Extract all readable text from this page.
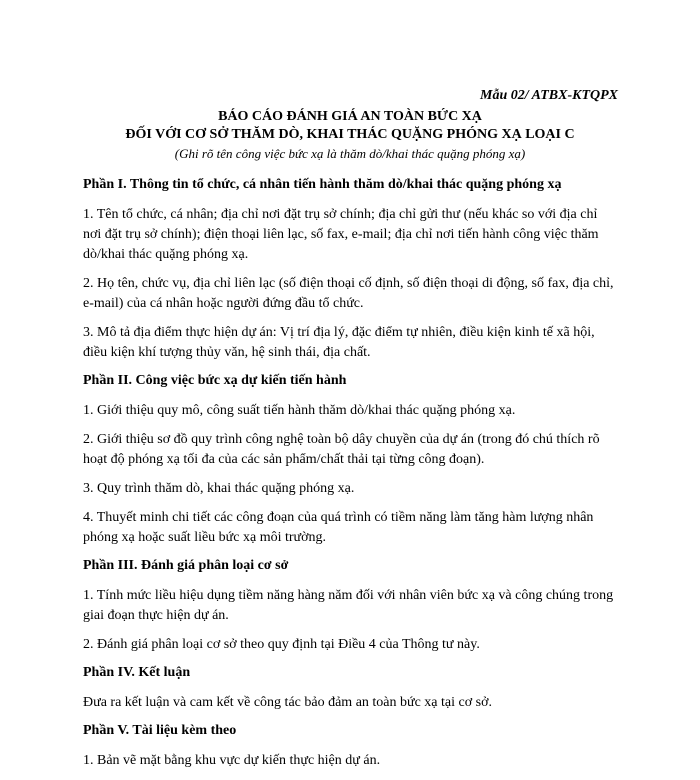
Mẫu 02/ ATBX-KTQPX
BÁO CÁO ĐÁNH GIÁ AN TOÀN BỨC XẠ
ĐỐI VỚI CƠ SỞ THĂM DÒ, KHAI THÁC QUẶNG PHÓNG XẠ LOẠI C
(Ghi rõ tên công việc bức xạ là thăm dò/khai thác quặng phóng xạ)
Phần I. Thông tin tổ chức, cá nhân tiến hành thăm dò/khai thác quặng phóng xạ
1. Tên tổ chức, cá nhân; địa chỉ nơi đặt trụ sở chính; địa chỉ gửi thư (nếu khác so với địa chỉ nơi đặt trụ sở chính); điện thoại liên lạc, số fax, e-mail; địa chỉ nơi tiến hành công việc thăm dò/khai thác quặng phóng xạ.
2. Họ tên, chức vụ, địa chỉ liên lạc (số điện thoại cố định, số điện thoại di động, số fax, địa chỉ, e-mail) của cá nhân hoặc người đứng đầu tổ chức.
3. Mô tả địa điểm thực hiện dự án: Vị trí địa lý, đặc điểm tự nhiên, điều kiện kinh tế xã hội, điều kiện khí tượng thủy văn, hệ sinh thái, địa chất.
Phần II. Công việc bức xạ dự kiến tiến hành
1. Giới thiệu quy mô, công suất tiến hành thăm dò/khai thác quặng phóng xạ.
2. Giới thiệu sơ đồ quy trình công nghệ toàn bộ dây chuyền của dự án (trong đó chú thích rõ hoạt độ phóng xạ tối đa của các sản phẩm/chất thải tại từng công đoạn).
3. Quy trình thăm dò, khai thác quặng phóng xạ.
4. Thuyết minh chi tiết các công đoạn của quá trình có tiềm năng làm tăng hàm lượng nhân phóng xạ hoặc suất liều bức xạ môi trường.
Phần III. Đánh giá phân loại cơ sở
1. Tính mức liều hiệu dụng tiềm năng hàng năm đối với nhân viên bức xạ và công chúng trong giai đoạn thực hiện dự án.
2. Đánh giá phân loại cơ sở theo quy định tại Điều 4 của Thông tư này.
Phần IV. Kết luận
Đưa ra kết luận và cam kết về công tác bảo đảm an toàn bức xạ tại cơ sở.
Phần V. Tài liệu kèm theo
1. Bản vẽ mặt bằng khu vực dự kiến thực hiện dự án.
